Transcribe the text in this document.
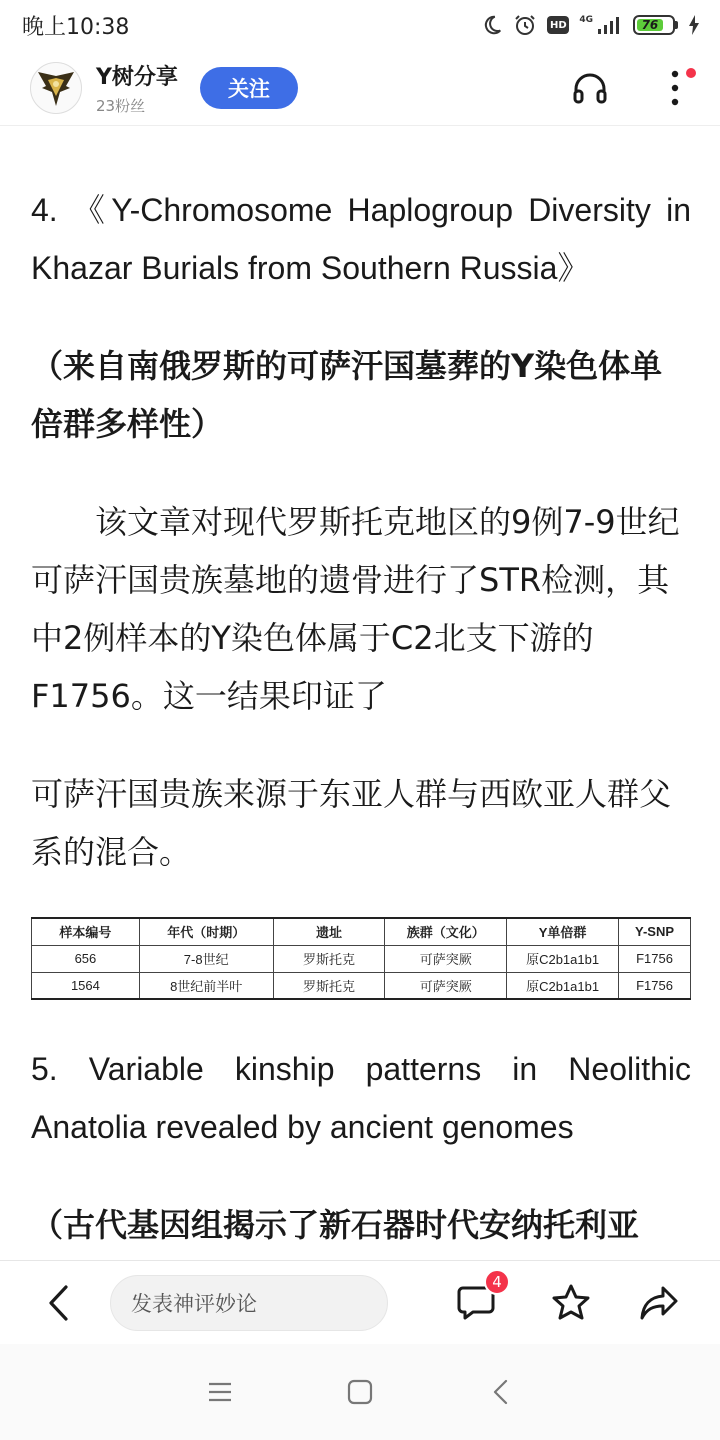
晚上10:38	HD 4G	76
Y树分享
23粉丝
关注

4. 《Y-Chromosome Haplogroup Diversity in Khazar Burials from Southern Russia》

（来自南俄罗斯的可萨汗国墓葬的Y染色体单倍群多样性）

该文章对现代罗斯托克地区的9例7-9世纪可萨汗国贵族墓地的遗骨进行了STR检测，其中2例样本的Y染色体属于C2北支下游的F1756。这一结果印证了

可萨汗国贵族来源于东亚人群与西欧亚人群父系的混合。

样本编号	年代（时期）	遗址	族群（文化）	Y单倍群	Y-SNP
656	7-8世纪	罗斯托克	可萨突厥	原C2b1a1b1	F1756
1564	8世纪前半叶	罗斯托克	可萨突厥	原C2b1a1b1	F1756

5. Variable kinship patterns in Neolithic Anatolia revealed by ancient genomes

（古代基因组揭示了新石器时代安纳托利亚

发表神评妙论
4
